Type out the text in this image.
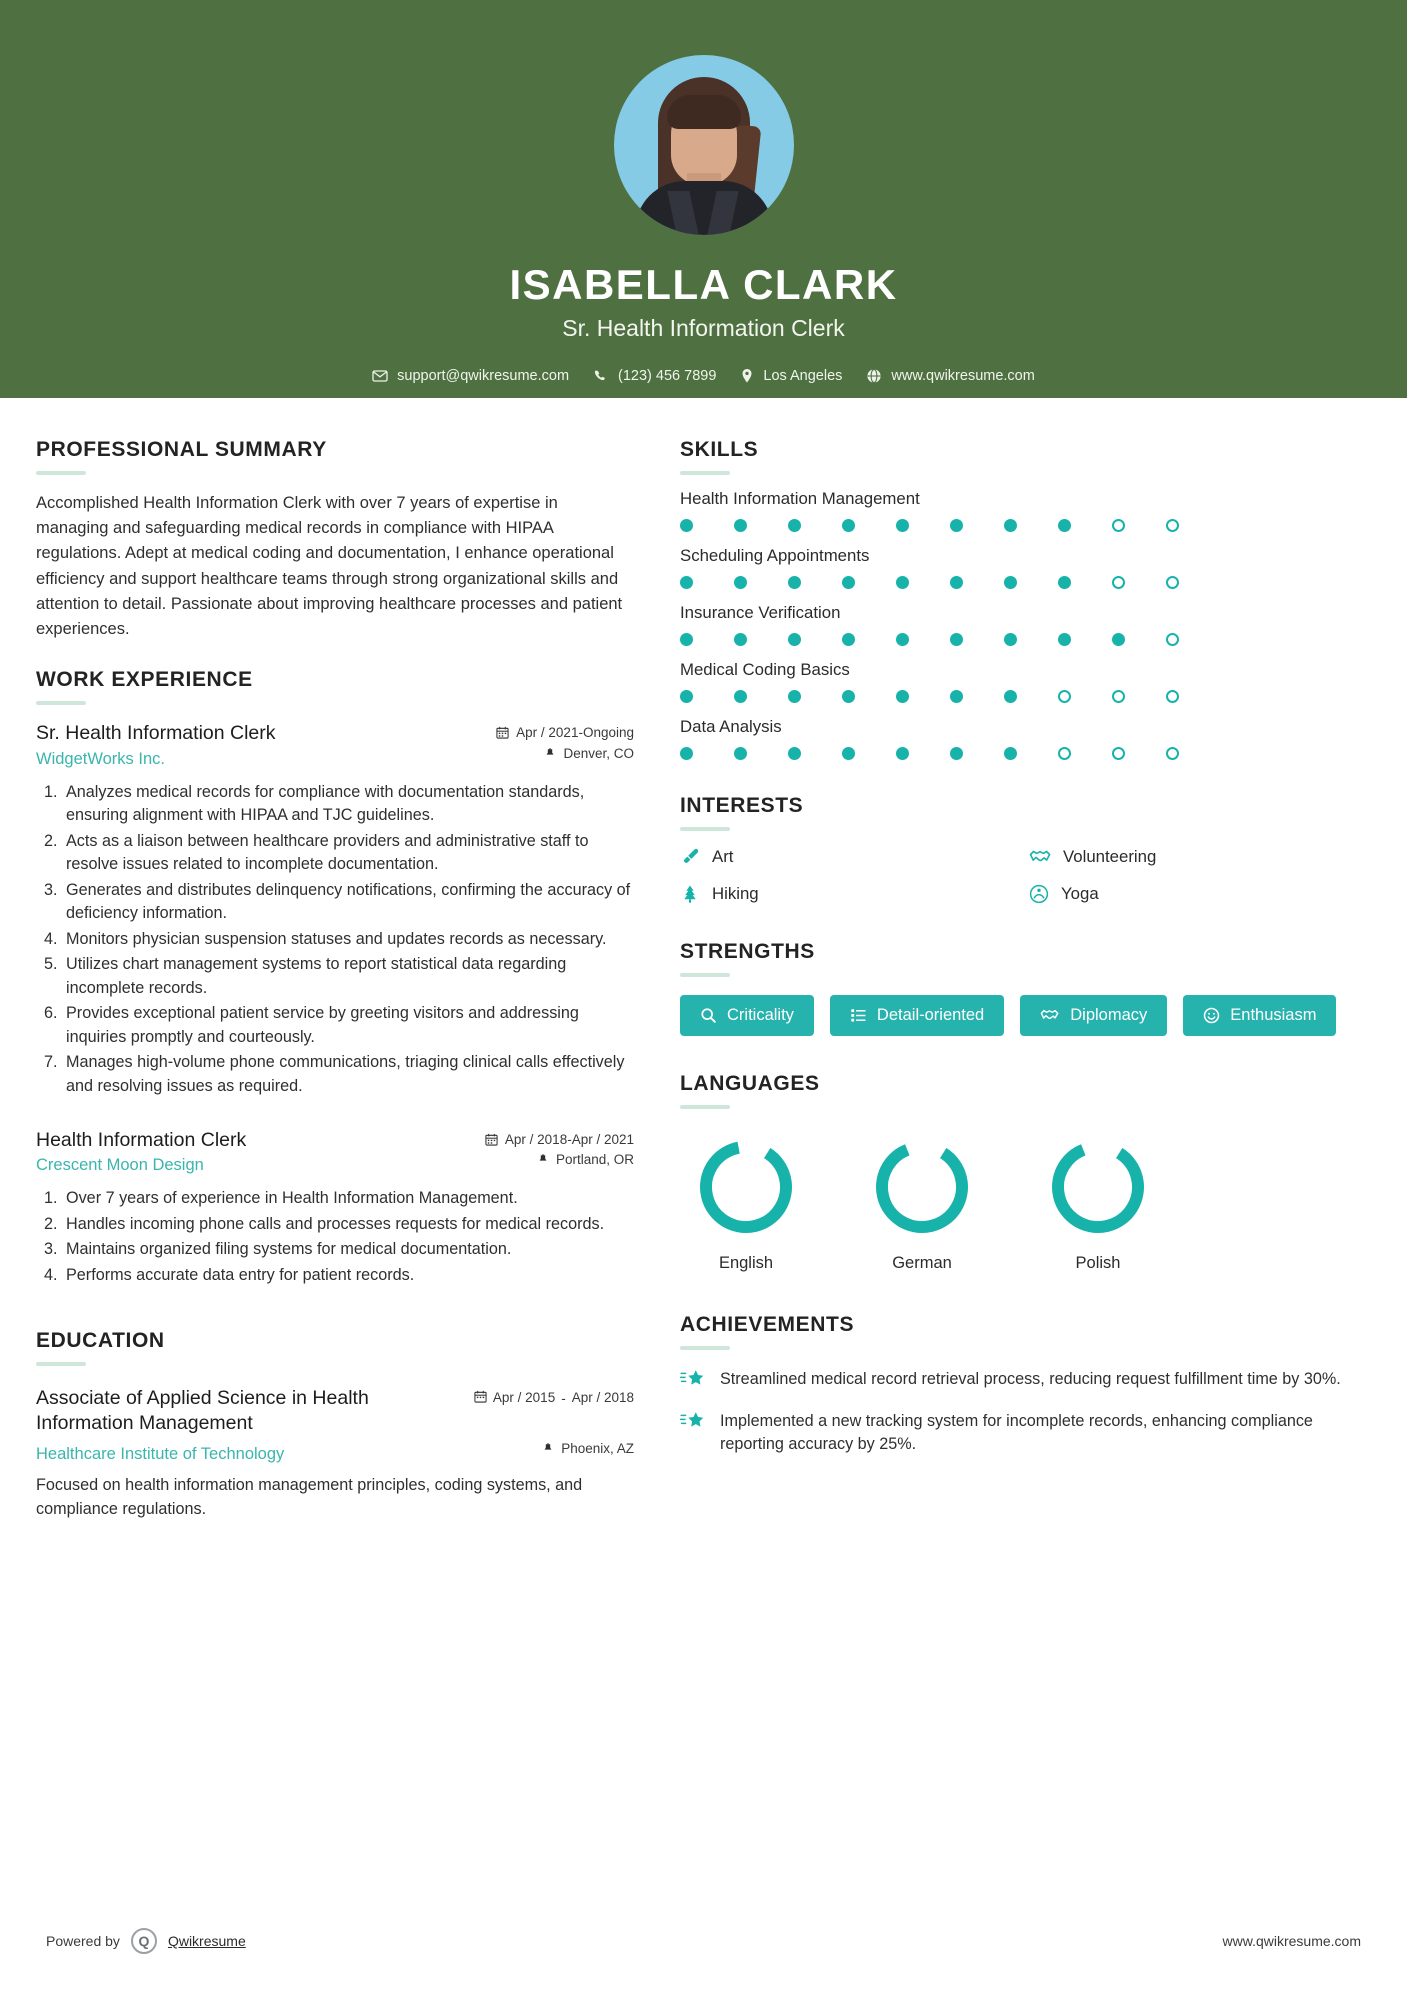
ISABELLA CLARK
Sr. Health Information Clerk
support@qwikresume.com	(123) 456 7899	Los Angeles	www.qwikresume.com
PROFESSIONAL SUMMARY

Accomplished Health Information Clerk with over 7 years of expertise in managing and safeguarding medical records in compliance with HIPAA regulations. Adept at medical coding and documentation, I enhance operational efficiency and support healthcare teams through strong organizational skills and attention to detail. Passionate about improving healthcare processes and patient experiences.

WORK EXPERIENCE
Sr. Health Information Clerk	Apr / 2021-Ongoing
WidgetWorks Inc.	Denver, CO
1. Analyzes medical records for compliance with documentation standards, ensuring alignment with HIPAA and TJC guidelines.
2. Acts as a liaison between healthcare providers and administrative staff to resolve issues related to incomplete documentation.
3. Generates and distributes delinquency notifications, confirming the accuracy of deficiency information.
4. Monitors physician suspension statuses and updates records as necessary.
5. Utilizes chart management systems to report statistical data regarding incomplete records.
6. Provides exceptional patient service by greeting visitors and addressing inquiries promptly and courteously.
7. Manages high-volume phone communications, triaging clinical calls effectively and resolving issues as required.
Health Information Clerk	Apr / 2018-Apr / 2021
Crescent Moon Design	Portland, OR
1. Over 7 years of experience in Health Information Management.
2. Handles incoming phone calls and processes requests for medical records.
3. Maintains organized filing systems for medical documentation.
4. Performs accurate data entry for patient records.
EDUCATION
Associate of Applied Science in Health Information Management
Apr / 2015 - Apr / 2018
Healthcare Institute of Technology	Phoenix, AZ
Focused on health information management principles, coding systems, and compliance regulations.
SKILLS
Health Information Management
Scheduling Appointments
Insurance Verification
Medical Coding Basics
Data Analysis
INTERESTS
Art	Volunteering
Hiking	Yoga
STRENGTHS
Criticality	Detail-oriented	Diplomacy	Enthusiasm
LANGUAGES
English	German	Polish
ACHIEVEMENTS
Streamlined medical record retrieval process, reducing request fulfillment time by 30%.
Implemented a new tracking system for incomplete records, enhancing compliance reporting accuracy by 25%.
Powered by	Q	Qwikresume	www.qwikresume.com
